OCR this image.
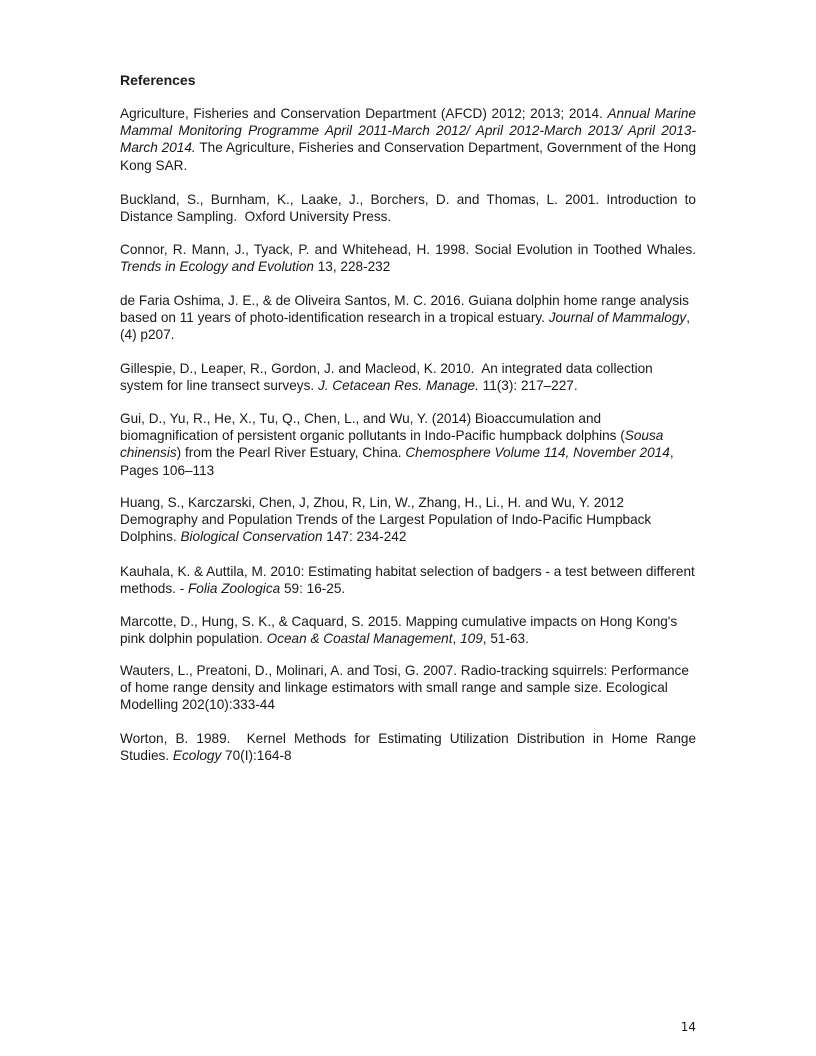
References
Agriculture, Fisheries and Conservation Department (AFCD) 2012; 2013; 2014. Annual Marine Mammal Monitoring Programme April 2011-March 2012/ April 2012-March 2013/ April 2013-March 2014. The Agriculture, Fisheries and Conservation Department, Government of the Hong Kong SAR.
Buckland, S., Burnham, K., Laake, J., Borchers, D. and Thomas, L. 2001. Introduction to Distance Sampling.  Oxford University Press.
Connor, R. Mann, J., Tyack, P. and Whitehead, H. 1998. Social Evolution in Toothed Whales. Trends in Ecology and Evolution 13, 228-232
de Faria Oshima, J. E., & de Oliveira Santos, M. C. 2016. Guiana dolphin home range analysis based on 11 years of photo-identification research in a tropical estuary. Journal of Mammalogy, (4) p207.
Gillespie, D., Leaper, R., Gordon, J. and Macleod, K. 2010.  An integrated data collection system for line transect surveys. J. Cetacean Res. Manage. 11(3): 217–227.
Gui, D., Yu, R., He, X., Tu, Q., Chen, L., and Wu, Y. (2014) Bioaccumulation and biomagnification of persistent organic pollutants in Indo-Pacific humpback dolphins (Sousa chinensis) from the Pearl River Estuary, China. Chemosphere Volume 114, November 2014, Pages 106–113
Huang, S., Karczarski, Chen, J, Zhou, R, Lin, W., Zhang, H., Li., H. and Wu, Y. 2012 Demography and Population Trends of the Largest Population of Indo-Pacific Humpback Dolphins. Biological Conservation 147: 234-242
Kauhala, K. & Auttila, M. 2010: Estimating habitat selection of badgers - a test between different methods. - Folia Zoologica 59: 16-25.
Marcotte, D., Hung, S. K., & Caquard, S. 2015. Mapping cumulative impacts on Hong Kong's pink dolphin population. Ocean & Coastal Management, 109, 51-63.
Wauters, L., Preatoni, D., Molinari, A. and Tosi, G. 2007. Radio-tracking squirrels: Performance of home range density and linkage estimators with small range and sample size. Ecological Modelling 202(10):333-44
Worton, B. 1989.  Kernel Methods for Estimating Utilization Distribution in Home Range Studies. Ecology 70(I):164-8
14
